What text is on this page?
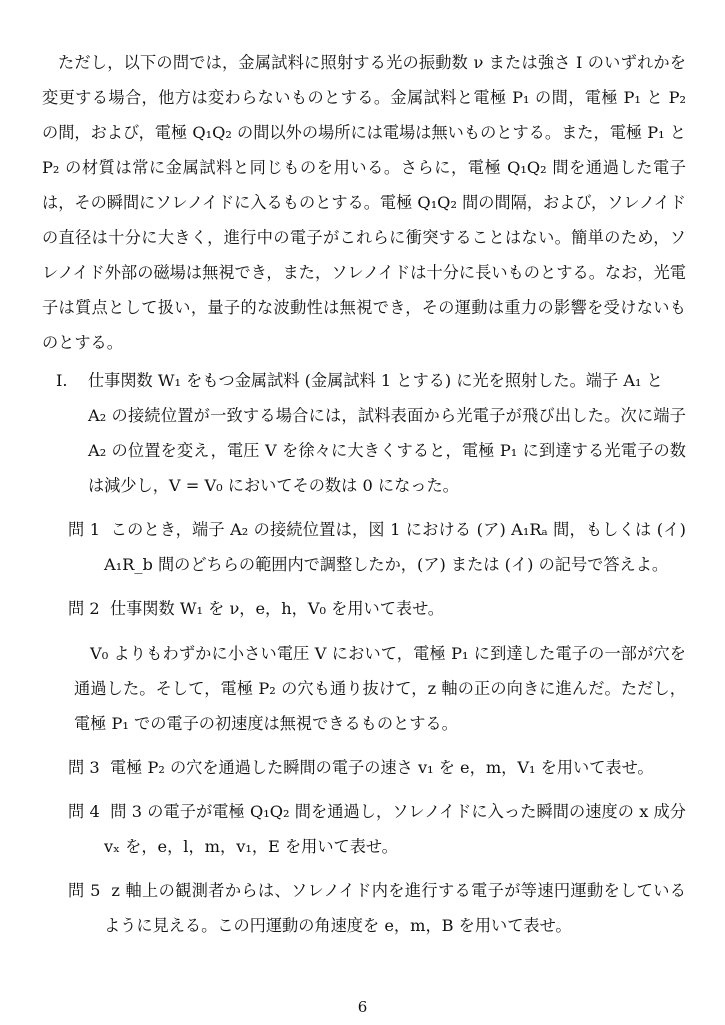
ただし，以下の問では，金属試料に照射する光の振動数 ν または強さ I のいずれかを変更する場合，他方は変わらないものとする。金属試料と電極 P₁ の間，電極 P₁ と P₂ の間，および，電極 Q₁Q₂ の間以外の場所には電場は無いものとする。また，電極 P₁ と P₂ の材質は常に金属試料と同じものを用いる。さらに，電極 Q₁Q₂ 間を通過した電子は，その瞬間にソレノイドに入るものとする。電極 Q₁Q₂ 間の間隔，および，ソレノイドの直径は十分に大きく，進行中の電子がこれらに衝突することはない。簡単のため，ソレノイド外部の磁場は無視でき，また，ソレノイドは十分に長いものとする。なお，光電子は質点として扱い，量子的な波動性は無視でき，その運動は重力の影響を受けないものとする。
I.	仕事関数 W₁ をもつ金属試料 (金属試料 1 とする) に光を照射した。端子 A₁ と
A₂ の接続位置が一致する場合には，試料表面から光電子が飛び出した。次に端子 A₂ の位置を変え，電圧 V を徐々に大きくすると，電極 P₁ に到達する光電子の数は減少し，V = V₀ においてその数は 0 になった。
問 1 このとき，端子 A₂ の接続位置は，図 1 における (ア) A₁Rₐ 間，もしくは (イ) A₁R_b 間のどちらの範囲内で調整したか，(ア) または (イ) の記号で答えよ。
問 2 仕事関数 W₁ を ν，e，h，V₀ を用いて表せ。
V₀ よりもわずかに小さい電圧 V において，電極 P₁ に到達した電子の一部が穴を通過した。そして，電極 P₂ の穴も通り抜けて，z 軸の正の向きに進んだ。ただし，電極 P₁ での電子の初速度は無視できるものとする。
問 3 電極 P₂ の穴を通過した瞬間の電子の速さ v₁ を e，m，V₁ を用いて表せ。
問 4 問 3 の電子が電極 Q₁Q₂ 間を通過し，ソレノイドに入った瞬間の速度の x 成分 vₓ を，e，l，m，v₁，E を用いて表せ。
問 5 z 軸上の観測者からは、ソレノイド内を進行する電子が等速円運動をしているように見える。この円運動の角速度を e，m，B を用いて表せ。
6
